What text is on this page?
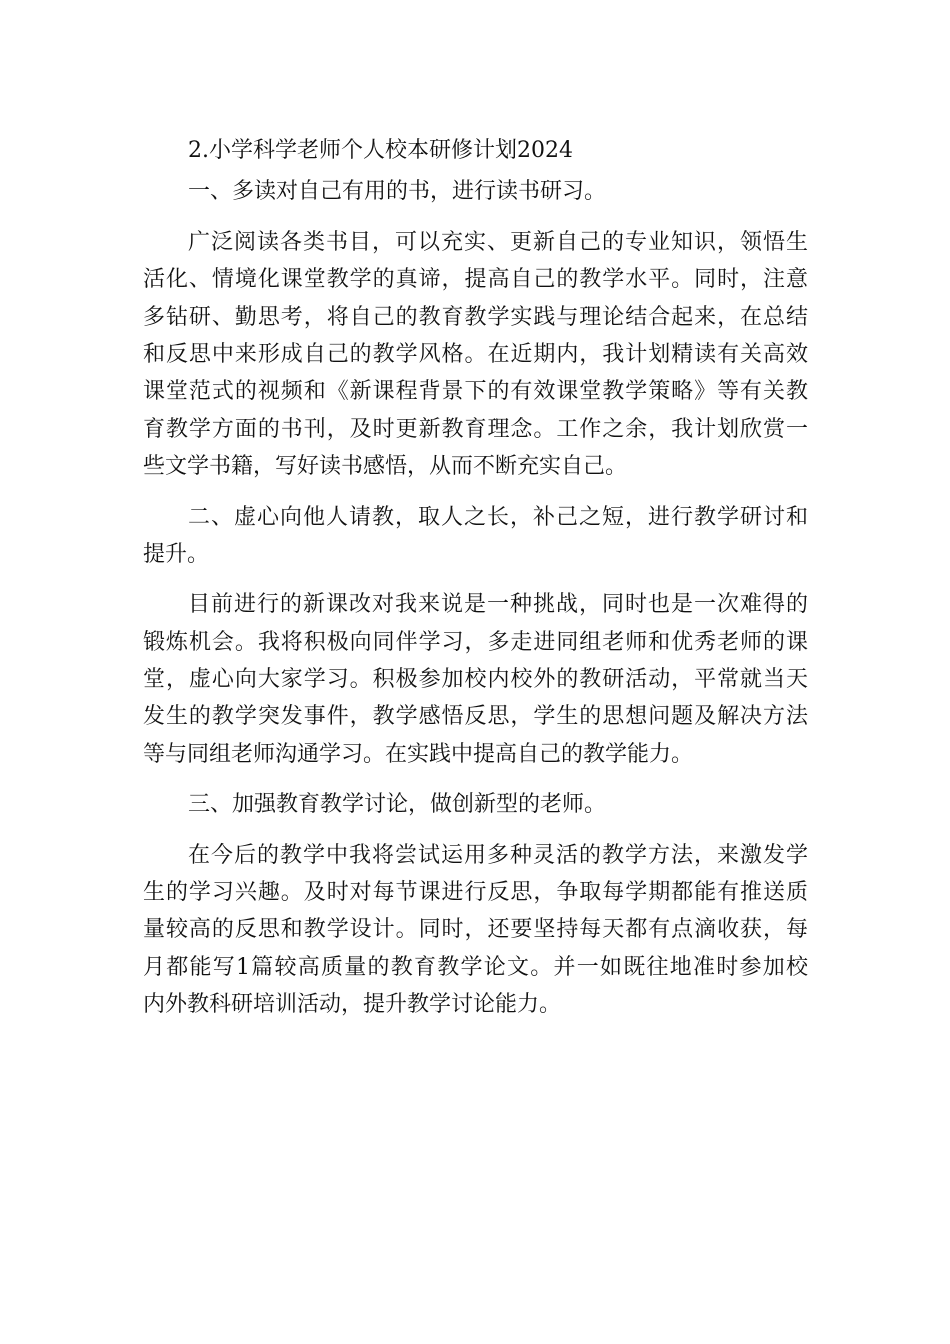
2.小学科学老师个人校本研修计划2024
一、多读对自己有用的书，进行读书研习。
广泛阅读各类书目，可以充实、更新自己的专业知识，领悟生
活化、情境化课堂教学的真谛，提高自己的教学水平。同时，注意
多钻研、勤思考，将自己的教育教学实践与理论结合起来，在总结
和反思中来形成自己的教学风格。在近期内，我计划精读有关高效
课堂范式的视频和《新课程背景下的有效课堂教学策略》等有关教
育教学方面的书刊，及时更新教育理念。工作之余，我计划欣赏一
些文学书籍，写好读书感悟，从而不断充实自己。
二、虚心向他人请教，取人之长，补己之短，进行教学研讨和
提升。
目前进行的新课改对我来说是一种挑战，同时也是一次难得的
锻炼机会。我将积极向同伴学习，多走进同组老师和优秀老师的课
堂，虚心向大家学习。积极参加校内校外的教研活动，平常就当天
发生的教学突发事件，教学感悟反思，学生的思想问题及解决方法
等与同组老师沟通学习。在实践中提高自己的教学能力。
三、加强教育教学讨论，做创新型的老师。
在今后的教学中我将尝试运用多种灵活的教学方法，来激发学
生的学习兴趣。及时对每节课进行反思，争取每学期都能有推送质
量较高的反思和教学设计。同时，还要坚持每天都有点滴收获，每
月都能写1篇较高质量的教育教学论文。并一如既往地准时参加校
内外教科研培训活动，提升教学讨论能力。
